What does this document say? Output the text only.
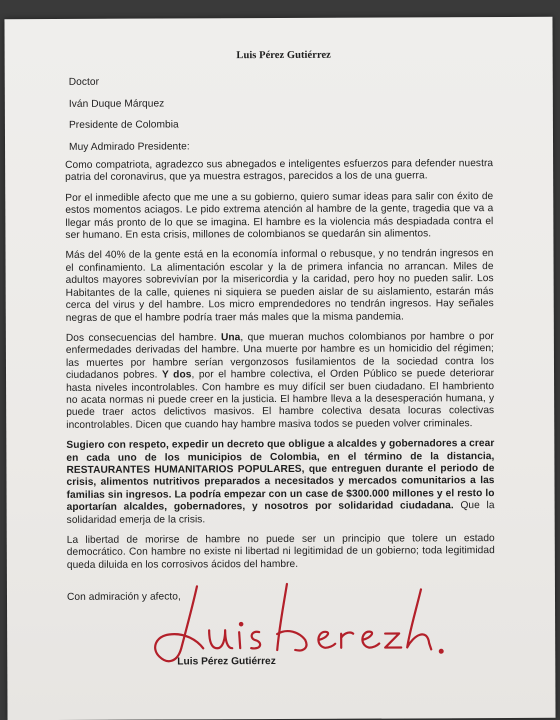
Luis Pérez Gutiérrez
Doctor
Iván Duque Márquez
Presidente de Colombia
Muy Admirado Presidente:
Como compatriota, agradezco sus abnegados e inteligentes esfuerzos para defender nuestra patria del coronavirus, que ya muestra estragos, parecidos a los de una guerra.
Por el inmedible afecto que me une a su gobierno, quiero sumar ideas para salir con éxito de estos momentos aciagos. Le pido extrema atención al hambre de la gente, tragedia que va a llegar más pronto de lo que se imagina. El hambre es la violencia más despiadada contra el ser humano. En esta crisis, millones de colombianos se quedarán sin alimentos.
Más del 40% de la gente está en la economía informal o rebusque, y no tendrán ingresos en el confinamiento. La alimentación escolar y la de primera infancia no arrancan. Miles de adultos mayores sobrevivían por la misericordia y la caridad, pero hoy no pueden salir. Los Habitantes de la calle, quienes ni siquiera se pueden aislar de su aislamiento, estarán más cerca del virus y del hambre. Los micro emprendedores no tendrán ingresos. Hay señales negras de que el hambre podría traer más males que la misma pandemia.
Dos consecuencias del hambre. Una, que mueran muchos colombianos por hambre o por enfermedades derivadas del hambre. Una muerte por hambre es un homicidio del régimen; las muertes por hambre serían vergonzosos fusilamientos de la sociedad contra los ciudadanos pobres. Y dos, por el hambre colectiva, el Orden Público se puede deteriorar hasta niveles incontrolables. Con hambre es muy difícil ser buen ciudadano. El hambriento no acata normas ni puede creer en la justicia. El hambre lleva a la desesperación humana, y puede traer actos delictivos masivos. El hambre colectiva desata locuras colectivas incontrolables. Dicen que cuando hay hambre masiva todos se pueden volver criminales.
Sugiero con respeto, expedir un decreto que obligue a alcaldes y gobernadores a crear en cada uno de los municipios de Colombia, en el término de la distancia, RESTAURANTES HUMANITARIOS POPULARES, que entreguen durante el periodo de crisis, alimentos nutritivos preparados a necesitados y mercados comunitarios a las familias sin ingresos. La podría empezar con un case de $300.000 millones y el resto lo aportarían alcaldes, gobernadores, y nosotros por solidaridad ciudadana. Que la solidaridad emerja de la crisis.
La libertad de morirse de hambre no puede ser un principio que tolere un estado democrático. Con hambre no existe ni libertad ni legitimidad de un gobierno; toda legitimidad queda diluida en los corrosivos ácidos del hambre.
Con admiración y afecto,
Luis Pérez Gutiérrez
